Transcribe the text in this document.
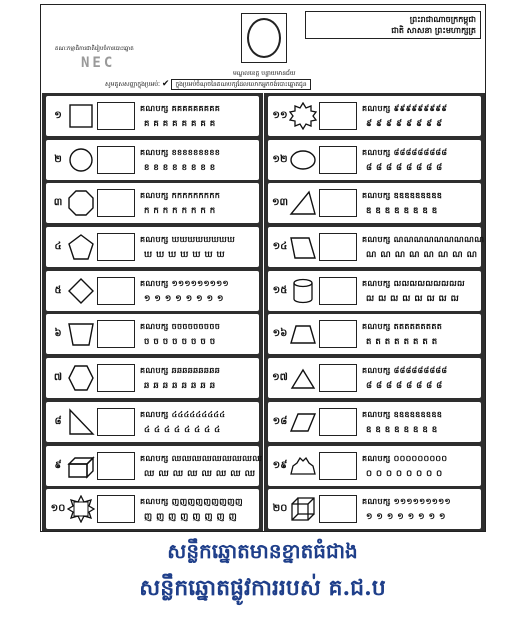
គណៈកម្មាធិការជាតិរៀបចំការបោះឆ្នោត
NEC
ព្រះរាជាណាចក្រកម្ពុជា
ជាតិ សាសនា ព្រះមហាក្សត្រ
មណ្ឌលខេត្ត បន្ទាយមានជ័យ
សូមគូសសញ្ញាក្នុងប្រអប់ៈ ✔ ក្នុងប្រអប់ចំណុចនៃគណបក្សដែលលោកអ្នកចង់បោះឆ្នោតជូន
១
គណបក្ស គគគគគគគគគ
គគគគគគគគ
២
គណបក្ស ខខខខខខខខខ
ខខខខខខខខ
៣
គណបក្ស កកកកកកកកក
កកកកកកកក
៤
គណបក្ស ឃឃឃឃឃឃឃឃ
ឃឃឃឃឃឃឃ
៥
គណបក្ស ១១១១១១១១១
១១១១១១១១
៦
គណបក្ស ចចចចចចចចច
ចចចចចចចច
៧
គណបក្ស ឆឆឆឆឆឆឆឆឆ
ឆឆឆឆឆឆឆឆ
៨
គណបក្ស ៤៤៤៤៤៤៤៤៤
៤៤៤៤៤៤៤៤
៩
គណបក្ស ឈឈឈឈឈឈឈឈឈ
ឈឈឈឈឈឈឈឈ
១០
គណបក្ស ញញញញញញញញញ
ញញញញញញញញ
១១
គណបក្ស ៩៩៩៩៩៩៩៩៩
៩៩៩៩៩៩៩៩
១២
គណបក្ស ៨៨៨៨៨៨៨៨៨
៨៨៨៨៨៨៨៨
១៣
គណបក្ស ឌឌឌឌឌឌឌឌឌ
ឌឌឌឌឌឌឌឌ
១៤
គណបក្ស ណណណណណណណណណ
ណណណណណណណណ
១៥
គណបក្ស ឍឍឍឍឍឍឍឍឍ
ឍឍឍឍឍឍឍឍ
១៦
គណបក្ស តតតតតតតតត
តតតតតតតត
១៧
គណបក្ស ៨៨៨៨៨៨៨៨៨
៨៨៨៨៨៨៨៨
១៨
គណបក្ស ឧឧឧឧឧឧឧឧឧ
ឧឧឧឧឧឧឧឧ
១៩
គណបក្ស ០០០០០០០០០
០០០០០០០០
២០
គណបក្ស ១១១១១១១១១
១១១១១១១១
សន្លឹកឆ្នោតមានខ្នាតធំជាង
សន្លឹកឆ្នោតផ្លូវការរបស់ គ.ជ.ប
